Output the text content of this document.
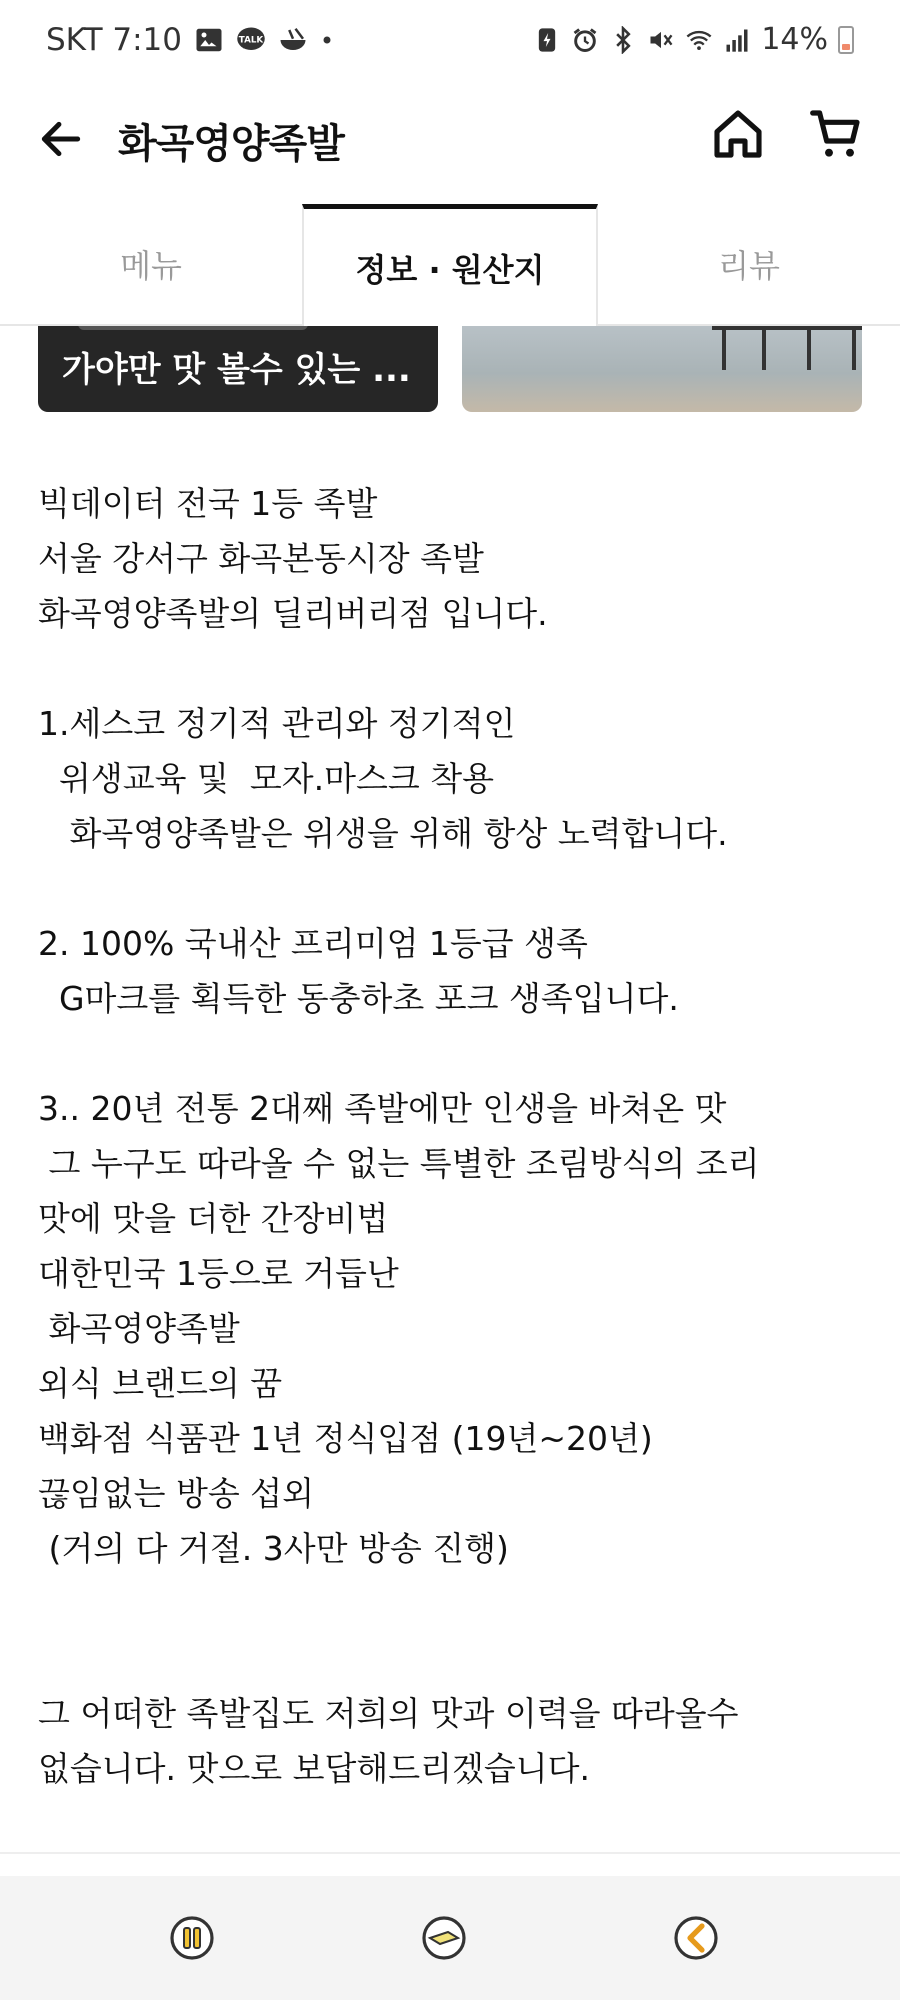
SKT 7:10	TALK	14%
화곡영양족발
메뉴	정보 · 원산지	리뷰
가야만 맛 볼수 있는 ...
빅데이터 전국 1등 족발
서울 강서구 화곡본동시장 족발
화곡영양족발의 딜리버리점 입니다.
1.세스코 정기적 관리와 정기적인
위생교육 및  모자.마스크 착용
화곡영양족발은 위생을 위해 항상 노력합니다.
2. 100% 국내산 프리미엄 1등급 생족
G마크를 획득한 동충하초 포크 생족입니다.
3.. 20년 전통 2대째 족발에만 인생을 바쳐온 맛
그 누구도 따라올 수 없는 특별한 조림방식의 조리
맛에 맛을 더한 간장비법
대한민국 1등으로 거듭난
화곡영양족발
외식 브랜드의 꿈
백화점 식품관 1년 정식입점 (19년~20년)
끊임없는 방송 섭외
(거의 다 거절. 3사만 방송 진행)
그 어떠한 족발집도 저희의 맛과 이력을 따라올수
없습니다. 맛으로 보답해드리겠습니다.
